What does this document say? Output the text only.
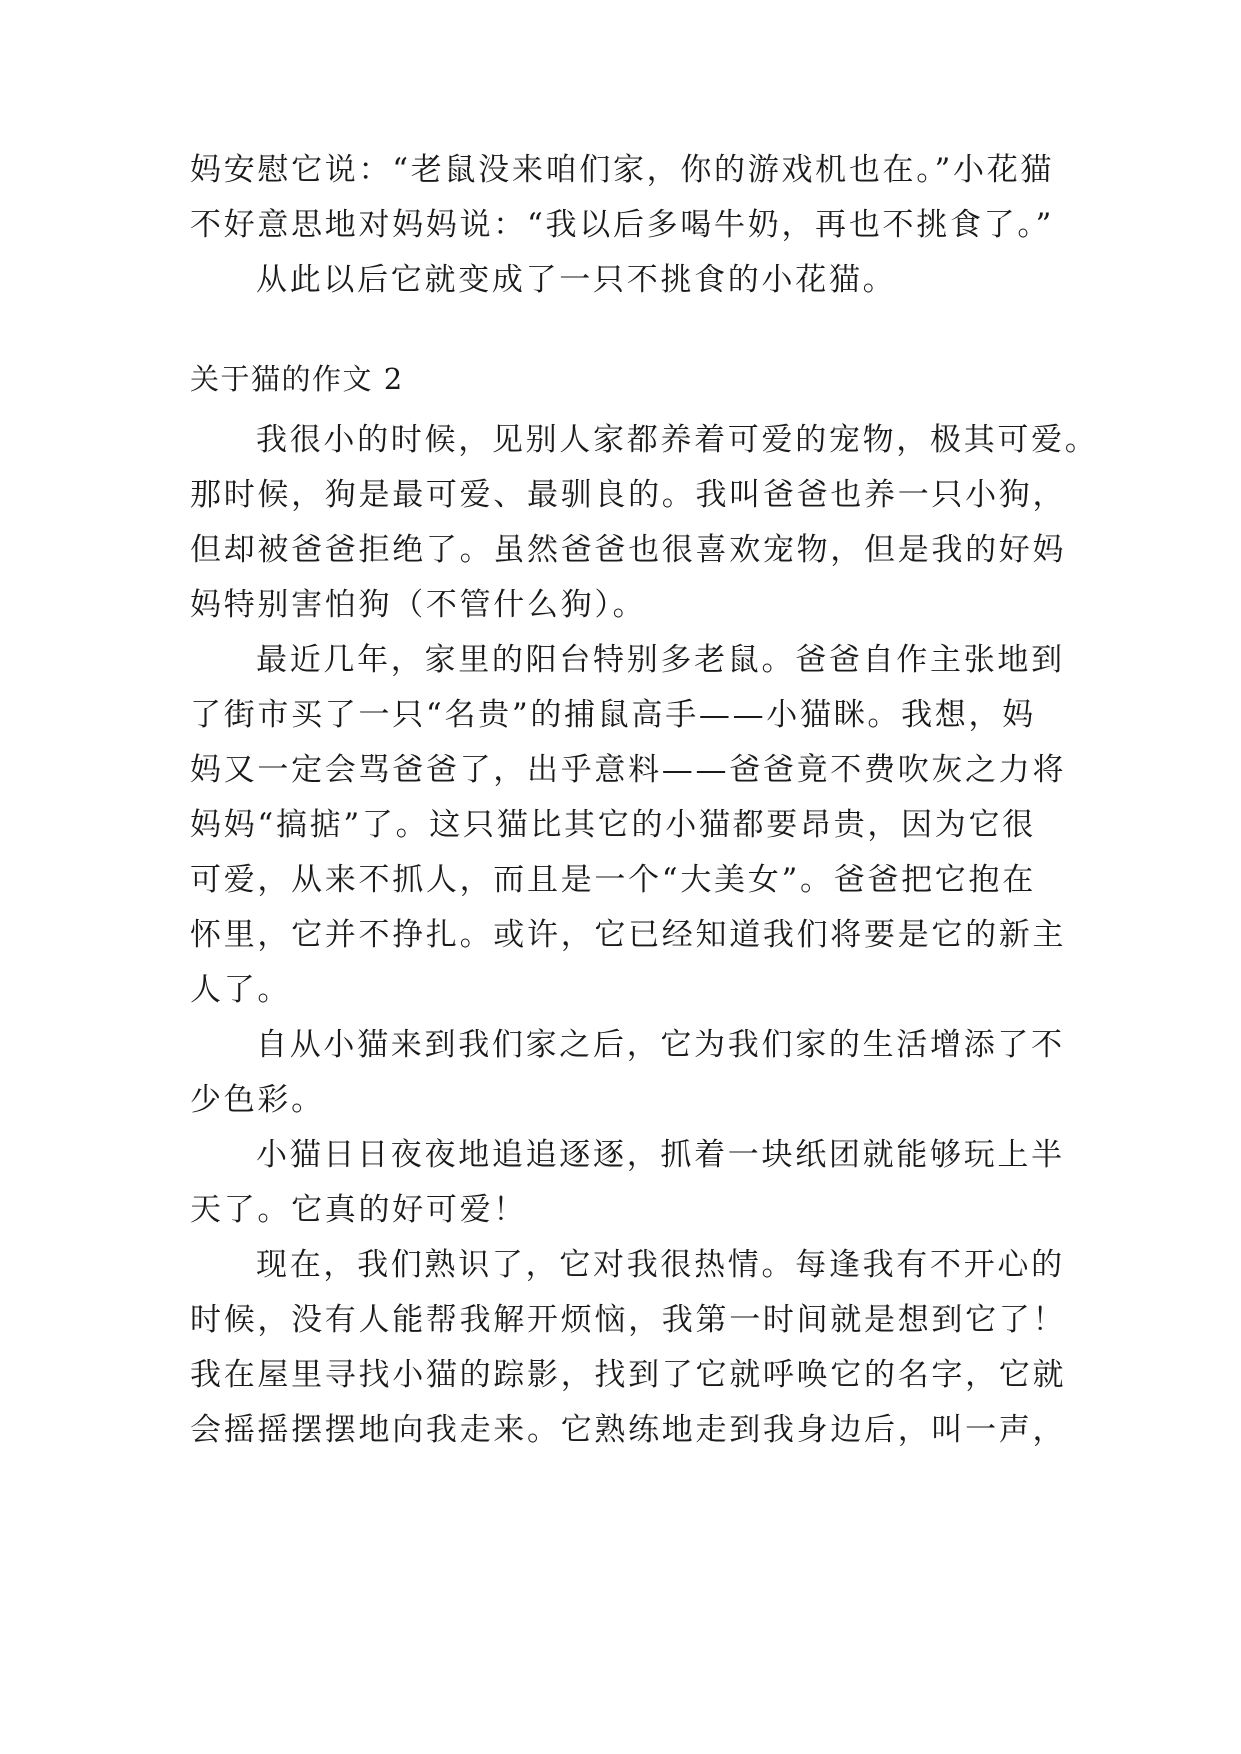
妈安慰它说：“老鼠没来咱们家，你的游戏机也在。”小花猫
不好意思地对妈妈说：“我以后多喝牛奶，再也不挑食了。”
从此以后它就变成了一只不挑食的小花猫。
关于猫的作文 2
我很小的时候，见别人家都养着可爱的宠物，极其可爱。
那时候，狗是最可爱、最驯良的。我叫爸爸也养一只小狗，
但却被爸爸拒绝了。虽然爸爸也很喜欢宠物，但是我的好妈
妈特别害怕狗（不管什么狗）。
最近几年，家里的阳台特别多老鼠。爸爸自作主张地到
了街市买了一只“名贵”的捕鼠高手——小猫眯。我想，妈
妈又一定会骂爸爸了，出乎意料——爸爸竟不费吹灰之力将
妈妈“搞掂”了。这只猫比其它的小猫都要昂贵，因为它很
可爱，从来不抓人，而且是一个“大美女”。爸爸把它抱在
怀里，它并不挣扎。或许，它已经知道我们将要是它的新主
人了。
自从小猫来到我们家之后，它为我们家的生活增添了不
少色彩。
小猫日日夜夜地追追逐逐，抓着一块纸团就能够玩上半
天了。它真的好可爱！
现在，我们熟识了，它对我很热情。每逢我有不开心的
时候，没有人能帮我解开烦恼，我第一时间就是想到它了！
我在屋里寻找小猫的踪影，找到了它就呼唤它的名字，它就
会摇摇摆摆地向我走来。它熟练地走到我身边后，叫一声，
